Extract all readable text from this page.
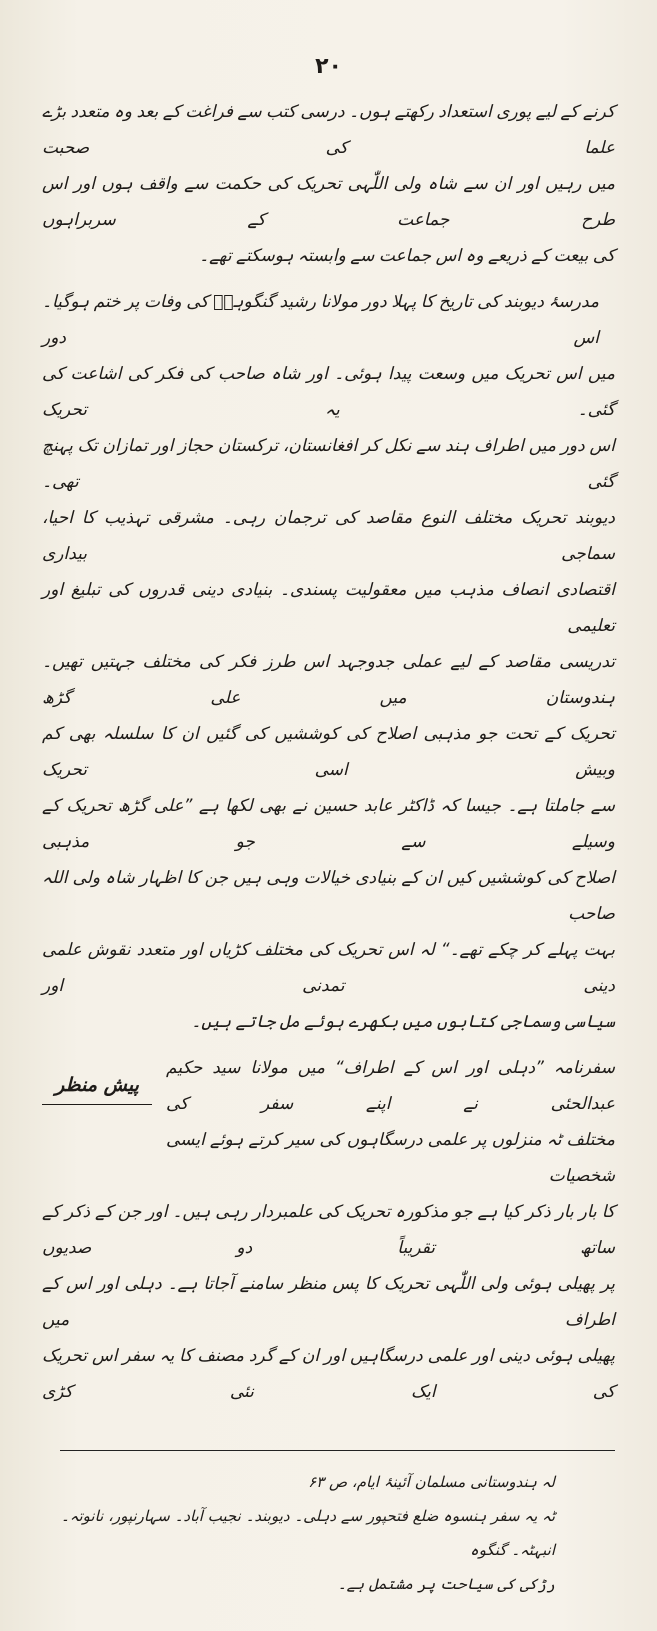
۲۰
کرنے کے لیے پوری استعداد رکھتے ہوں۔ درسی کتب سے فراغت کے بعد وہ متعدد بڑے علما کی صحبت
میں رہیں اور ان سے شاہ ولی اللّٰہی تحریک کی حکمت سے واقف ہوں اور اس طرح جماعت کے سربراہوں
کی بیعت کے ذریعے وہ اس جماعت سے وابستہ ہوسکتے تھے۔
مدرسۂ دیوبند کی تاریخ کا پہلا دور مولانا رشید گنگوہیؒ کی وفات پر ختم ہوگیا۔ اس دور
میں اس تحریک میں وسعت پیدا ہوئی۔ اور شاہ صاحب کی فکر کی اشاعت کی گئی۔ یہ تحریک
اس دور میں اطراف ہند سے نکل کر افغانستان، ترکستان حجاز اور تمازان تک پہنچ گئی تھی۔
دیوبند تحریک مختلف النوع مقاصد کی ترجمان رہی۔ مشرقی تہذیب کا احیا، سماجی بیداری
اقتصادی انصاف مذہب میں معقولیت پسندی۔ بنیادی دینی قدروں کی تبلیغ اور تعلیمی
تدریسی مقاصد کے لیے عملی جدوجہد اس طرز فکر کی مختلف جہتیں تھیں۔ ہندوستان میں علی گڑھ
تحریک کے تحت جو مذہبی اصلاح کی کوششیں کی گئیں ان کا سلسلہ بھی کم وبیش اسی تحریک
سے جاملتا ہے۔ جیسا کہ ڈاکٹر عابد حسین نے بھی لکھا ہے ”علی گڑھ تحریک کے وسیلے سے جو مذہبی
اصلاح کی کوششیں کیں ان کے بنیادی خیالات وہی ہیں جن کا اظہار شاہ ولی اللہ صاحب
بہت پہلے کر چکے تھے۔“ لہ اس تحریک کی مختلف کڑیاں اور متعدد نقوش علمی دینی تمدنی اور
سیاسی وسماجی کتابوں میں بکھرے ہوئے مل جاتے ہیں۔
سفرنامہ ”دہلی اور اس کے اطراف“ میں مولانا سید حکیم عبدالحئی نے اپنے سفر کی
مختلف ٹہ منزلوں پر علمی درسگاہوں کی سیر کرتے ہوئے ایسی شخصیات
پیش منظر
کا بار بار ذکر کیا ہے جو مذکورہ تحریک کی علمبردار رہی ہیں۔ اور جن کے ذکر کے ساتھ تقریباً دو صدیوں
پر پھیلی ہوئی ولی اللّٰہی تحریک کا پس منظر سامنے آجاتا ہے۔ دہلی اور اس کے اطراف میں
پھیلی ہوئی دینی اور علمی درسگاہیں اور ان کے گرد مصنف کا یہ سفر اس تحریک کی ایک نئی کڑی
لہ ہندوستانی مسلمان آئینۂ ایام، ص ۶۳
ٹہ یہ سفر ہنسوہ ضلع فتحپور سے دہلی۔ دیوبند۔ نجیب آباد۔ سہارنپور، نانوتہ۔ انبہٹہ۔ گنگوہ
رڑکی کی سیاحت پر مشتمل ہے۔
